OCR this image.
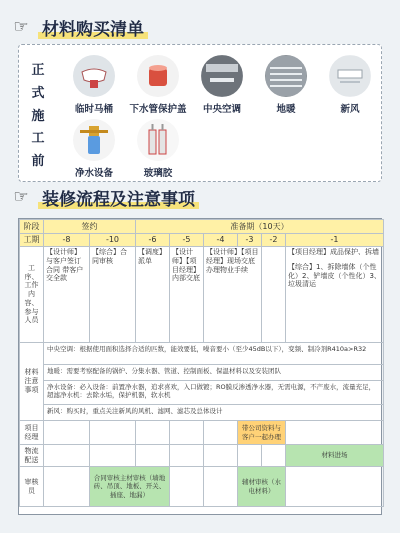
☞ 材料购买清单
正
式
施
工
前
临时马桶	下水管保护盖	中央空调	地暖	新风
净水设备	玻璃胶
☞ 装修流程及注意事项
阶段	签约		准备期（10天）					
工期	-8	-10	-6	-5	-4	-3	-2	-1
工序、工作内容、参与人员	【设计师】与客户签订合同 带客户交全款	【综合】合同审核	【调度】派单	【设计师】【项目经理】内部交底	【设计师】【项目经理】现场交底办理物业手续			【项目经理】成品保护、拆墙
【综合】1、拆除墙体（个性化）2、铲墙皮（个性化）3、垃圾清运

材料注意事项	中央空调：根据使用面积选择合适的匹数，能效要低，噪音要小（至少45dB以下），变频、制冷剂R410a>R32							
	地暖：需要考察配备的锅炉、分集水器、管道、控制面板、保温材料以及安装团队							
	净水设备：必入设备：前置净水器，追求喜欢，入口做镀；RO膜反渗透净水器，无需电源，不产废水，流量充足，超滤净水机：去除水垢，保护机器，软水机							
	新风：购买时，重点关注新风的风机、滤网、滤芯及总体设计							
项目经理						带公司资料与客户一起办理		
物流配送								材料进场
审核员		合同审核主材审核（墙地砖、吊顶、地板、开关、插座、地漏）				辅材审核（水电材料）		
